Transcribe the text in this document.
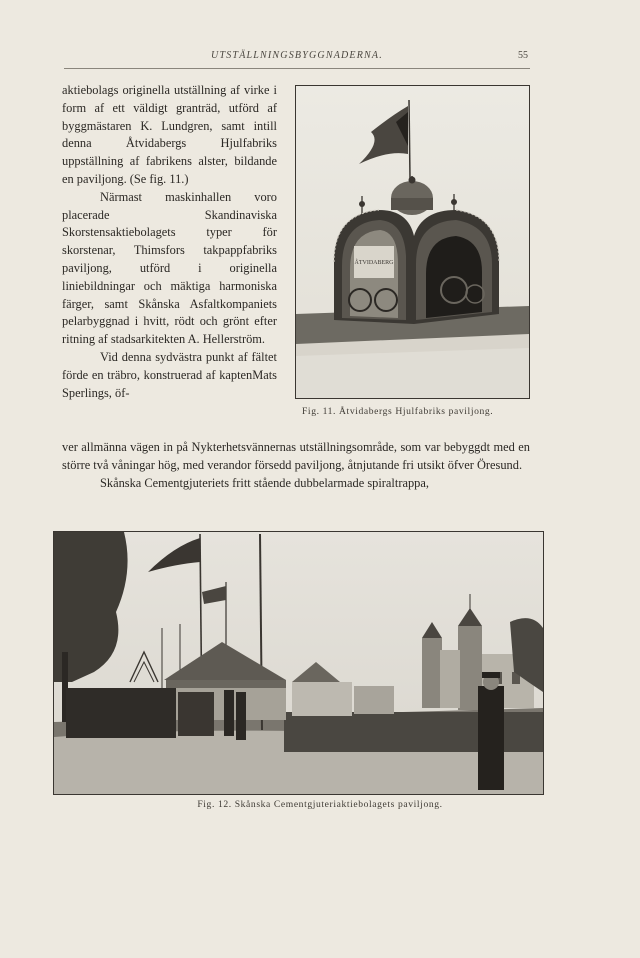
UTSTÄLLNINGSBYGGNADERNA.	55

aktiebolags originella utställning af virke i form af ett väldigt granträd, utförd af byggmästaren K. Lundgren, samt intill denna Åtvidabergs Hjulfabriks uppställning af fabrikens alster, bildande en paviljong. (Se fig. 11.)

Närmast maskinhallen voro placerade Skandinaviska Skorstensaktiebolagets typer för skorstenar, Thimsfors takpappfabriks paviljong, utförd i originella liniebildningar och mäktiga harmoniska färger, samt Skånska Asfaltkompaniets pelarbyggnad i hvitt, rödt och grönt efter ritning af stadsarkitekten A. Hellerström.

Vid denna sydvästra punkt af fältet förde en träbro, konstruerad af kaptenMats Sperlings, öf-

ÅTVIDABERG
Fig. 11. Åtvidabergs Hjulfabriks paviljong.

ver allmänna vägen in på Nykterhetsvännernas utställningsområde, som var bebyggdt med en större två våningar hög, med verandor försedd paviljong, åtnjutande fri utsikt öfver Öresund.

Skånska Cementgjuteriets fritt stående dubbelarmade spiraltrappa,

Fig. 12. Skånska Cementgjuteriaktiebolagets paviljong.
